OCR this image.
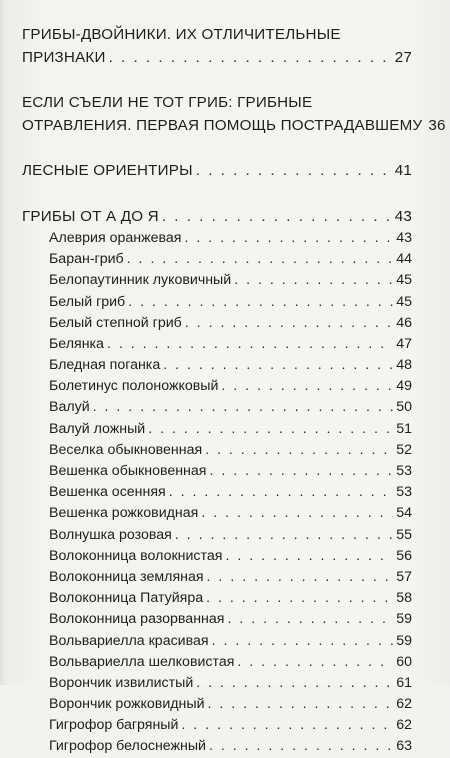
ГРИБЫ-ДВОЙНИКИ. ИХ ОТЛИЧИТЕЛЬНЫЕ
ПРИЗНАКИ . . .	27
ЕСЛИ СЪЕЛИ НЕ ТОТ ГРИБ: ГРИБНЫЕ
ОТРАВЛЕНИЯ. ПЕРВАЯ ПОМОЩЬ ПОСТРАДАВШЕМУ 36
ЛЕСНЫЕ ОРИЕНТИРЫ . . .	41
ГРИБЫ ОТ А ДО Я . . .	43
Алеврия оранжевая . . .	43
Баран-гриб . . .	44
Белопаутинник луковичный . . .	45
Белый гриб . . .	45
Белый степной гриб . . .	46
Белянка . . .	47
Бледная поганка . . .	48
Болетинус полоножковый . . .	49
Валуй . . .	50
Валуй ложный . . .	51
Веселка обыкновенная . . .	52
Вешенка обыкновенная . . .	53
Вешенка осенняя . . .	53
Вешенка рожковидная . . .	54
Волнушка розовая . . .	55
Волоконница волокнистая . . .	56
Волоконница земляная . . .	57
Волоконница Патуйяра . . .	58
Волоконница разорванная . . .	59
Вольвариелла красивая . . .	59
Вольвариелла шелковистая . . .	60
Ворончик извилистый . . .	61
Ворончик рожковидный . . .	62
Гигрофор багряный . . .	62
Гигрофор белоснежный . . .	63
